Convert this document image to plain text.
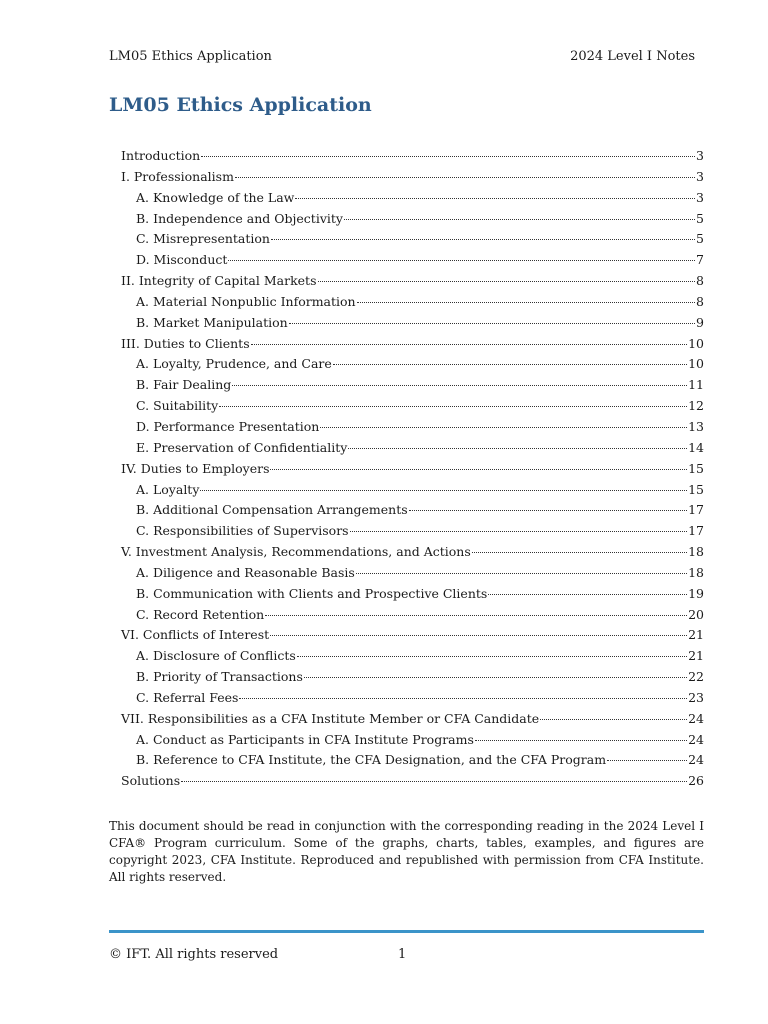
LM05 Ethics Application	2024 Level I Notes
LM05 Ethics Application
Introduction	3
I. Professionalism	3
A. Knowledge of the Law	3
B. Independence and Objectivity	5
C. Misrepresentation	5
D. Misconduct	7
II. Integrity of Capital Markets	8
A. Material Nonpublic Information	8
B. Market Manipulation	9
III. Duties to Clients	10
A. Loyalty, Prudence, and Care	10
B. Fair Dealing	11
C. Suitability	12
D. Performance Presentation	13
E. Preservation of Confidentiality	14
IV. Duties to Employers	15
A. Loyalty	15
B. Additional Compensation Arrangements	17
C. Responsibilities of Supervisors	17
V. Investment Analysis, Recommendations, and Actions	18
A. Diligence and Reasonable Basis	18
B. Communication with Clients and Prospective Clients	19
C. Record Retention	20
VI. Conflicts of Interest	21
A. Disclosure of Conflicts	21
B. Priority of Transactions	22
C. Referral Fees	23
VII. Responsibilities as a CFA Institute Member or CFA Candidate	24
A. Conduct as Participants in CFA Institute Programs	24
B. Reference to CFA Institute, the CFA Designation, and the CFA Program	24
Solutions	26

This document should be read in conjunction with the corresponding reading in the 2024 Level I CFA® Program curriculum. Some of the graphs, charts, tables, examples, and figures are copyright 2023, CFA Institute. Reproduced and republished with permission from CFA Institute. All rights reserved.

© IFT. All rights reserved	1
